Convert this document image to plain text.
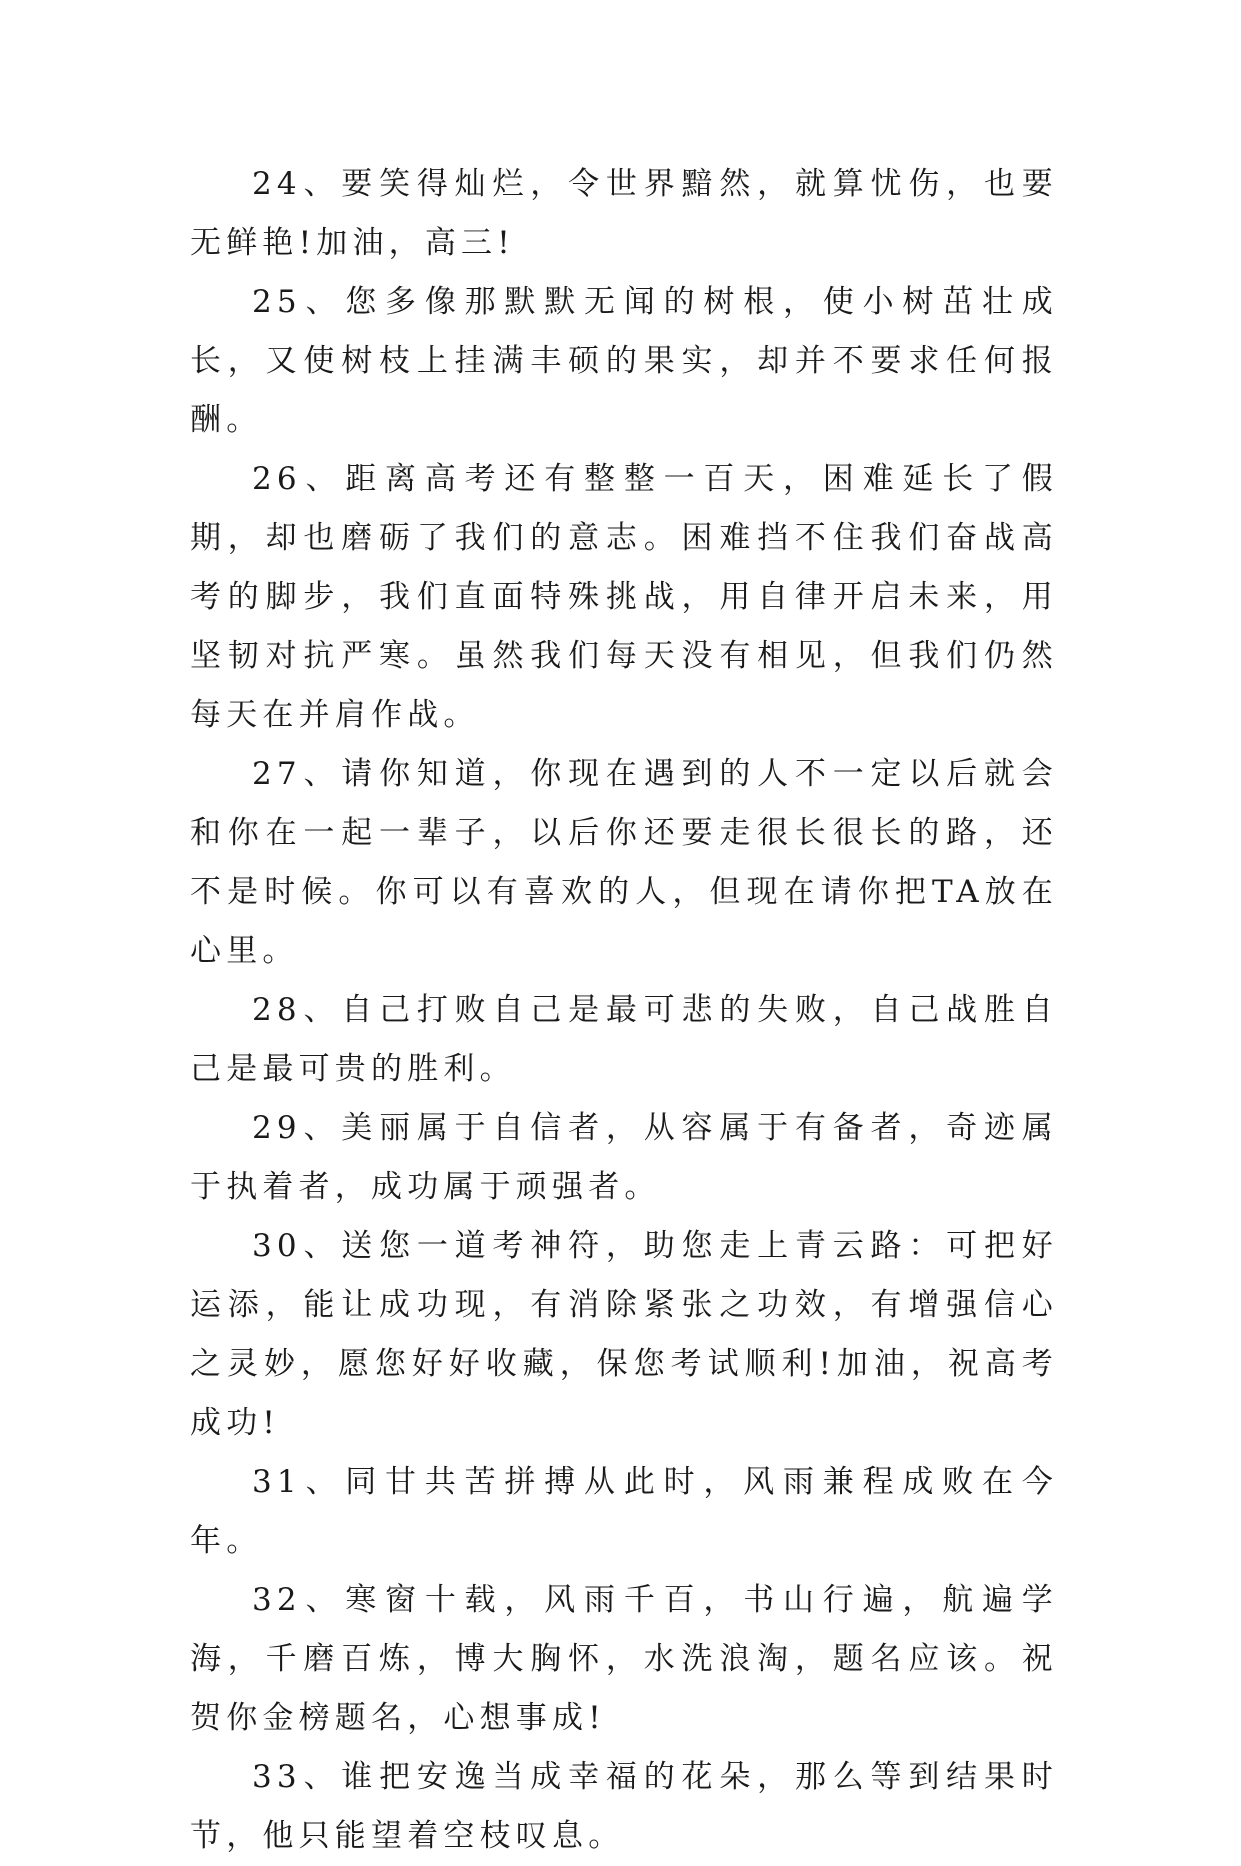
24、要笑得灿烂，令世界黯然，就算忧伤，也要无鲜艳!加油，高三!

25、您多像那默默无闻的树根，使小树茁壮成长，又使树枝上挂满丰硕的果实，却并不要求任何报酬。

26、距离高考还有整整一百天，困难延长了假期，却也磨砺了我们的意志。困难挡不住我们奋战高考的脚步，我们直面特殊挑战，用自律开启未来，用坚韧对抗严寒。虽然我们每天没有相见，但我们仍然每天在并肩作战。

27、请你知道，你现在遇到的人不一定以后就会和你在一起一辈子，以后你还要走很长很长的路，还不是时候。你可以有喜欢的人，但现在请你把TA放在心里。

28、自己打败自己是最可悲的失败，自己战胜自己是最可贵的胜利。

29、美丽属于自信者，从容属于有备者，奇迹属于执着者，成功属于顽强者。

30、送您一道考神符，助您走上青云路：可把好运添，能让成功现，有消除紧张之功效，有增强信心之灵妙，愿您好好收藏，保您考试顺利!加油，祝高考成功!

31、同甘共苦拼搏从此时，风雨兼程成败在今年。

32、寒窗十载，风雨千百，书山行遍，航遍学海，千磨百炼，博大胸怀，水洗浪淘，题名应该。祝贺你金榜题名，心想事成!

33、谁把安逸当成幸福的花朵，那么等到结果时节，他只能望着空枝叹息。
